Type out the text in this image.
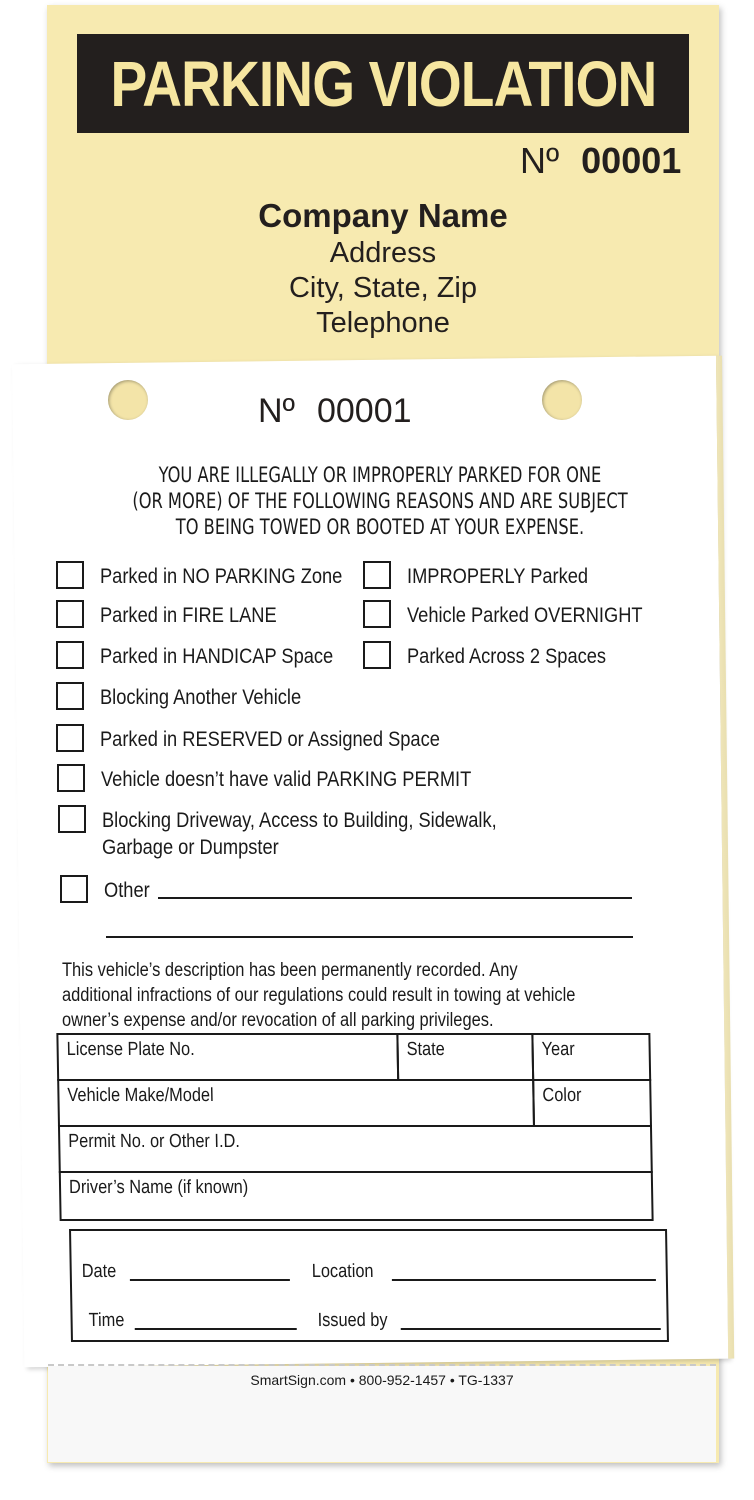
PARKING VIOLATION
Nº 00001
Company Name
Address
City, State, Zip
Telephone
Nº 00001
YOU ARE ILLEGALLY OR IMPROPERLY PARKED FOR ONE
(OR MORE) OF THE FOLLOWING REASONS AND ARE SUBJECT
TO BEING TOWED OR BOOTED AT YOUR EXPENSE.
Parked in NO PARKING Zone	IMPROPERLY Parked
Parked in FIRE LANE	Vehicle Parked OVERNIGHT
Parked in HANDICAP Space	Parked Across 2 Spaces
Blocking Another Vehicle
Parked in RESERVED or Assigned Space
Vehicle doesn’t have valid PARKING PERMIT
Blocking Driveway, Access to Building, Sidewalk,
Garbage or Dumpster
Other
This vehicle’s description has been permanently recorded. Any
additional infractions of our regulations could result in towing at vehicle
owner’s expense and/or revocation of all parking privileges.
License Plate No.	State	Year
Vehicle Make/Model	Color
Permit No. or Other I.D.
Driver’s Name (if known)
Date	Location
Time	Issued by
SmartSign.com • 800-952-1457 • TG-1337
